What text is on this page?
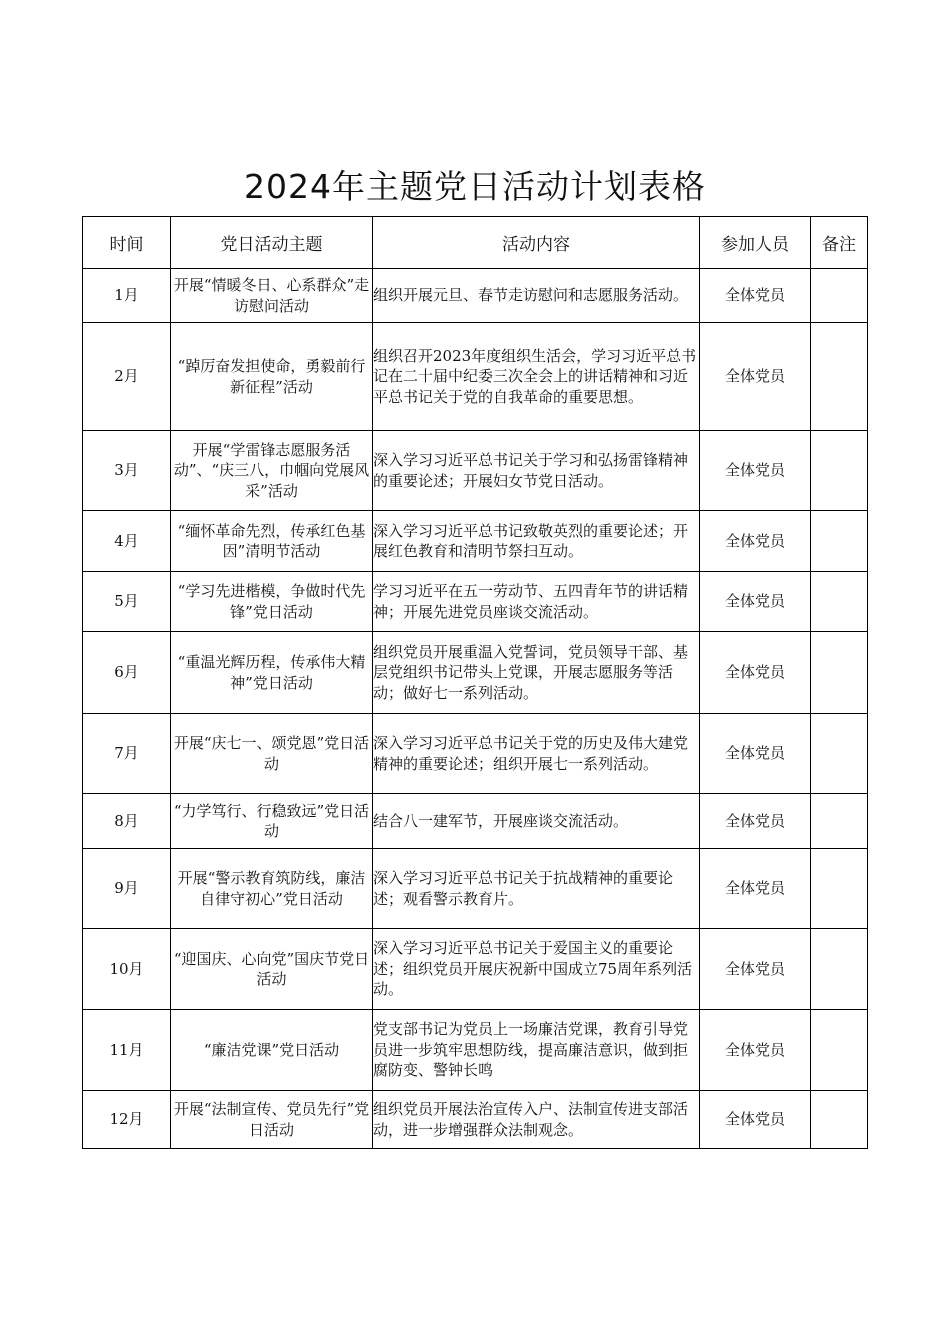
2024年主题党日活动计划表格
时间	党日活动主题	活动内容	参加人员	备注
1月	开展“情暖冬日、心系群众”走访慰问活动	组织开展元旦、春节走访慰问和志愿服务活动。	全体党员	
2月	“踔厉奋发担使命，勇毅前行新征程”活动	组织召开2023年度组织生活会，学习习近平总书记在二十届中纪委三次全会上的讲话精神和习近平总书记关于党的自我革命的重要思想。	全体党员	
3月	开展“学雷锋志愿服务活动”、“庆三八，巾帼向党展风采”活动	深入学习习近平总书记关于学习和弘扬雷锋精神的重要论述；开展妇女节党日活动。	全体党员	
4月	“缅怀革命先烈，传承红色基因”清明节活动	深入学习习近平总书记致敬英烈的重要论述；开展红色教育和清明节祭扫互动。	全体党员	
5月	“学习先进楷模，争做时代先锋”党日活动	学习习近平在五一劳动节、五四青年节的讲话精神；开展先进党员座谈交流活动。	全体党员	
6月	“重温光辉历程，传承伟大精神”党日活动	组织党员开展重温入党誓词，党员领导干部、基层党组织书记带头上党课，开展志愿服务等活动；做好七一系列活动。	全体党员	
7月	开展“庆七一、颂党恩”党日活动	深入学习习近平总书记关于党的历史及伟大建党精神的重要论述；组织开展七一系列活动。	全体党员	
8月	“力学笃行、行稳致远”党日活动	结合八一建军节，开展座谈交流活动。	全体党员	
9月	开展“警示教育筑防线，廉洁自律守初心”党日活动	深入学习习近平总书记关于抗战精神的重要论述；观看警示教育片。	全体党员	
10月	“迎国庆、心向党”国庆节党日活动	深入学习习近平总书记关于爱国主义的重要论述；组织党员开展庆祝新中国成立75周年系列活动。	全体党员	
11月	“廉洁党课”党日活动	党支部书记为党员上一场廉洁党课，教育引导党员进一步筑牢思想防线，提高廉洁意识，做到拒腐防变、警钟长鸣	全体党员	
12月	开展“法制宣传、党员先行”党日活动	组织党员开展法治宣传入户、法制宣传进支部活动，进一步增强群众法制观念。	全体党员	
